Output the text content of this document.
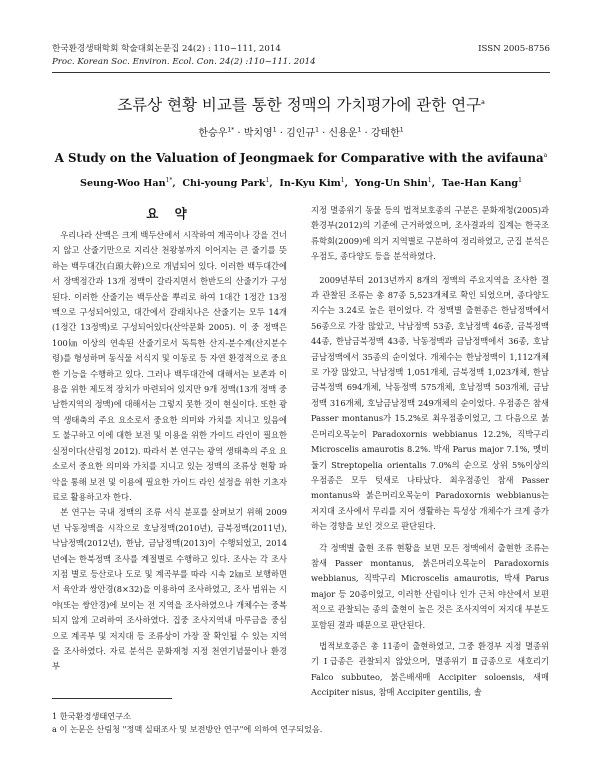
한국환경생태학회 학술대회논문집 24(2) : 110~111, 2014	ISSN 2005-8756
Proc. Korean Soc. Environ. Ecol. Con. 24(2) :110~111. 2014
조류상 현황 비교를 통한 정맥의 가치평가에 관한 연구$^a$
한승우$^{1*}$ · 박치영$^1$ · 김인규$^1$ · 신용운$^1$ · 강태한$^1$
A Study on the Valuation of Jeongmaek for Comparative with the avifauna$^a$
Seung-Woo Han$^{1*}$,  Chi-young Park$^1$,  In-Kyu Kim$^1$,  Yong-Un Shin$^1$,  Tae-Han Kang$^1$
요 약

우리나라 산맥은 크게 백두산에서 시작하여 계곡이나 강을 건너지 않고 산줄기만으로 지리산 천왕봉까지 이어지는 큰 줄기를 뜻하는 백두대간(白頭大幹)으로 개념되어 있다. 이러한 백두대간에서 장맥정간과 13개 정맥이 갈라지면서 한반도의 산줄기가 구성된다. 이러한 산줄기는 백두산을 뿌리로 하여 1대간 1정간 13정맥으로 구성되어있고, 대간에서 갈래치나은 산줄기는 모두 14개(1정간 13정맥)로 구성되어있다(산악문화 2005). 이 중 정맥은 100㎞ 이상의 연속된 산줄기로서 독특한 산지-분수계(산지분수령)를 형성하며 동식물 서식지 및 이동로 등 자연 환경적으로 중요한 기능을 수행하고 있다. 그러나 백두대간에 대해서는 보존과 이용을 위한 제도적 장치가 마련되어 있지만 9개 정맥(13개 정맥 중 남한지역의 정맥)에 대해서는 그렇지 못한 것이 현실이다. 또한 광역 생태축의 주요 요소로서 중요한 의미와 가치를 지니고 있음에도 불구하고 이에 대한 보전 및 이용을 위한 가이드 라인이 필요한 실정이다(산림청 2012). 따라서 본 연구는 광역 생태축의 주요 요소로서 중요한 의미와 가치를 지니고 있는 정맥의 조류상 현황 파악을 통해 보전 및 이용에 필요한 가이드 라인 설정을 위한 기초자료로 활용하고자 한다.

본 연구는 국내 정맥의 조류 서식 분포를 살펴보기 위해 2009년 낙동정맥을 시작으로 호남정맥(2010년), 금북정맥(2011년), 낙남정맥(2012년), 한남, 금남정맥(2013)이 수행되었고, 2014년에는 한북정맥 조사를 계절별로 수행하고 있다. 조사는 각 조사지점 별로 등산로나 도로 및 계곡부를 따라 시속 2㎞로 보행하면서 육안과 쌍안경(8×32)을 이용하여 조사하였고, 조사 범위는 시야(또는 쌍안경)에 보이는 전 지역을 조사하였으나 개체수는 중복되지 않게 고려하여 조사하였다. 집중 조사지역내 마루금을 중심으로 계곡부 및 저지대 등 조류상이 가장 잘 확인될 수 있는 지역을 조사하였다. 자료 분석은 문화재청 지정 천연기념물이나 환경부

지정 멸종위기 동물 등의 법적보호종의 구분은 문화재청(2005)과 환경부(2012)의 기준에 근거하였으며, 조사결과의 집계는 한국조류학회(2009)에 의거 지역별로 구분하여 정리하였고, 군집 분석은 우점도, 종다양도 등을 분석하였다.

2009년부터 2013년까지 8개의 정맥의 주요지역을 조사한 결과 관찰된 조류는 총 87종 5,523개체로 확인 되었으며, 종다양도 지수는 3.24로 높은 편이었다. 각 정맥별 출현종은 한남정맥에서 56종으로 가장 많았고, 낙남정맥 53종, 호남정맥 46종, 금북정맥 44종, 한남금북정맥 43종, 낙동정맥과 금남정맥에서 36종, 호남금남정맥에서 35종의 순이었다. 개체수는 한남정맥이 1,112개체로 가장 많았고, 낙남정맥 1,051개체, 금북정맥 1,023개체, 한남금북정맥 694개체, 낙동정맥 575개체, 호남정맥 503개체, 금남정맥 316개체, 호남금남정맥 249개체의 순이었다. 우점종은 참새 Passer montanus가 15.2%로 최우점종이었고, 그 다음으로 붉은머리오목눈이 Paradoxornis webbianus 12.2%, 직박구리 Microscelis amaurotis 8.2%. 박새 Parus major 7.1%, 멧비둘기 Streptopelia orientalis 7.0%의 순으로 상위 5%이상의 우점종은 모두 텃새로 나타났다. 최우점종인 참새 Passer montanus와 붉은머리오목눈이 Paradoxornis webbianus는 저지대 조사에서 무리를 지어 생활하는 특성상 개체수가 크게 증가하는 경향을 보인 것으로 판단된다.

각 정맥별 출현 조류 현황을 보면 모든 정맥에서 출현한 조류는 참새 Passer montanus, 붉은머리오목눈이 Paradoxornis webbianus, 직박구리 Microscelis amaurotis, 박새 Parus major 등 20종이었고, 이러한 산림이나 인가 근처 야산에서 보편적으로 관찰되는 종의 출현이 높은 것은 조사지역이 저지대 부분도 포함된 결과 때문으로 판단된다.

법적보호종은 총 11종이 출현하였고, 그중 환경부 지정 멸종위기 Ⅰ급종은 관찰되지 않았으며, 멸종위기 Ⅱ급종으로 새호리기 Falco subbuteo, 붉은배새매 Accipiter soloensis, 새매 Accipiter nisus, 참매 Accipiter gentilis, 솔

1 한국환경생태연구소
a 이 논문은 산림청 "정맥 실태조사 및 보전방안 연구"에 의하여 연구되었음.
